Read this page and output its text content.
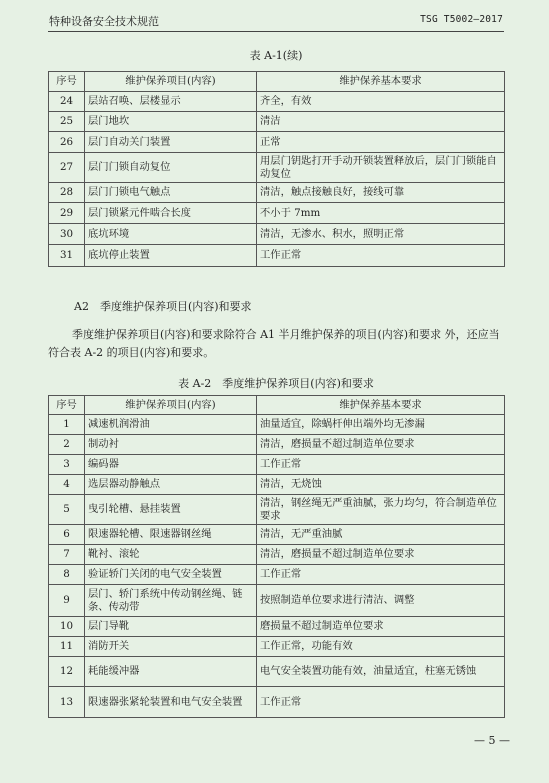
特种设备安全技术规范	TSG T5002—2017
表 A-1(续)
序号	维护保养项目(内容)	维护保养基本要求
24	层站召唤、层楼显示	齐全，有效
25	层门地坎	清洁
26	层门自动关门装置	正常
27	层门门锁自动复位	用层门钥匙打开手动开锁装置释放后，层门门锁能自动复位
28	层门门锁电气触点	清洁，触点接触良好，接线可靠
29	层门锁紧元件啮合长度	不小于 7mm
30	底坑环境	清洁，无渗水、积水，照明正常
31	底坑停止装置	工作正常
A2　季度维护保养项目(内容)和要求
季度维护保养项目(内容)和要求除符合 A1 半月维护保养的项目(内容)和要求 外，还应当符合表 A-2 的项目(内容)和要求。
表 A-2　季度维护保养项目(内容)和要求
序号	维护保养项目(内容)	维护保养基本要求
1	减速机润滑油	油量适宜，除蜗杆伸出端外均无渗漏
2	制动衬	清洁，磨损量不超过制造单位要求
3	编码器	工作正常
4	选层器动静触点	清洁，无烧蚀
5	曳引轮槽、悬挂装置	清洁，钢丝绳无严重油腻，张力均匀，符合制造单位要求
6	限速器轮槽、限速器钢丝绳	清洁，无严重油腻
7	靴衬、滚轮	清洁，磨损量不超过制造单位要求
8	验证轿门关闭的电气安全装置	工作正常
9	层门、轿门系统中传动钢丝绳、链条、传动带	按照制造单位要求进行清洁、调整
10	层门导靴	磨损量不超过制造单位要求
11	消防开关	工作正常，功能有效
12	耗能缓冲器	电气安全装置功能有效，油量适宜，柱塞无锈蚀
13	限速器张紧轮装置和电气安全装置	工作正常
— 5 —
